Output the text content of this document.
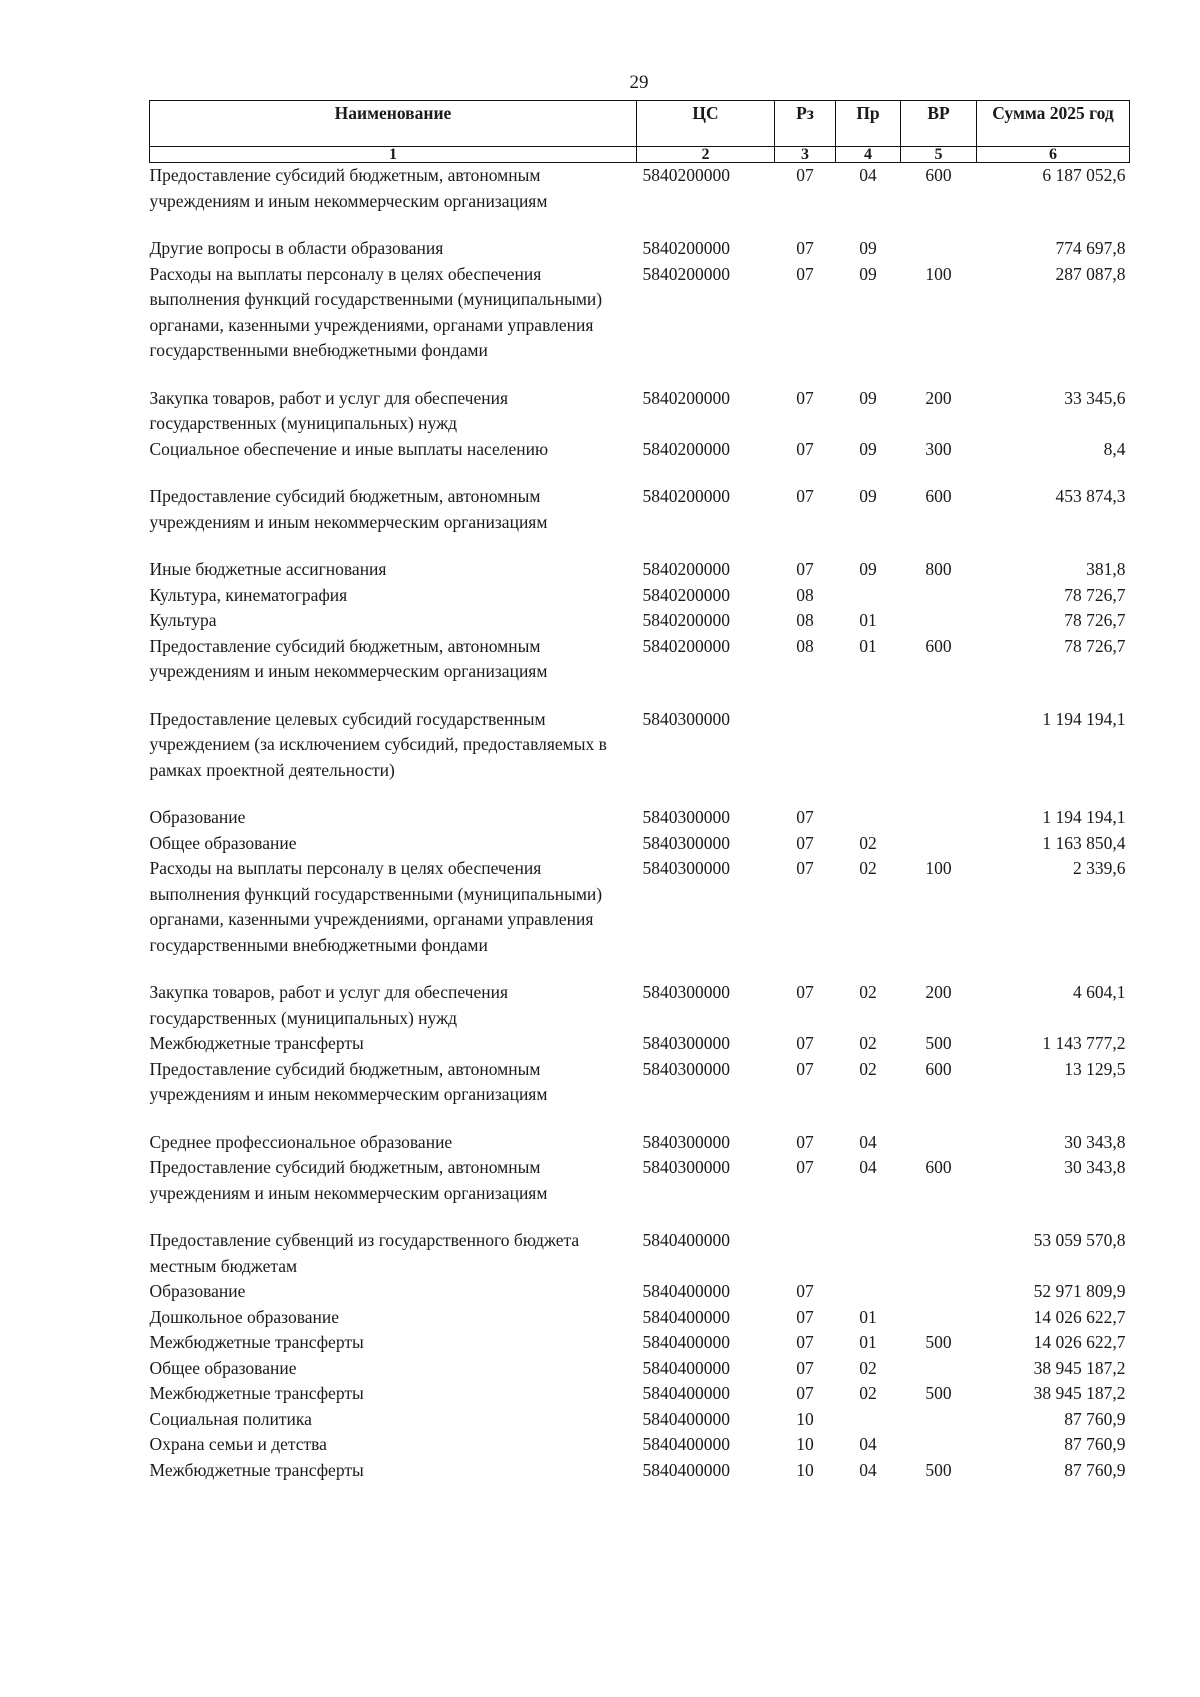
29
Наименование	ЦС	Рз	Пр	ВР	Сумма 2025 год
1	2	3	4	5	6
Предоставление субсидий бюджетным, автономным учреждениям и иным некоммерческим организациям	5840200000	07	04	600	6 187 052,6

Другие вопросы в области образования	5840200000	07	09		774 697,8
Расходы на выплаты персоналу в целях обеспечения выполнения функций государственными (муниципальными) органами, казенными учреждениями, органами управления государственными внебюджетными фондами	5840200000	07	09	100	287 087,8

Закупка товаров, работ и услуг для обеспечения государственных (муниципальных) нужд	5840200000	07	09	200	33 345,6
Социальное обеспечение и иные выплаты населению	5840200000	07	09	300	8,4

Предоставление субсидий бюджетным, автономным учреждениям и иным некоммерческим организациям	5840200000	07	09	600	453 874,3

Иные бюджетные ассигнования	5840200000	07	09	800	381,8
Культура, кинематография	5840200000	08			78 726,7
Культура	5840200000	08	01		78 726,7
Предоставление субсидий бюджетным, автономным учреждениям и иным некоммерческим организациям	5840200000	08	01	600	78 726,7

Предоставление целевых субсидий государственным учреждением (за исключением субсидий, предоставляемых в рамках проектной деятельности)	5840300000				1 194 194,1

Образование	5840300000	07			1 194 194,1
Общее образование	5840300000	07	02		1 163 850,4
Расходы на выплаты персоналу в целях обеспечения выполнения функций государственными (муниципальными) органами, казенными учреждениями, органами управления государственными внебюджетными фондами	5840300000	07	02	100	2 339,6

Закупка товаров, работ и услуг для обеспечения государственных (муниципальных) нужд	5840300000	07	02	200	4 604,1
Межбюджетные трансферты	5840300000	07	02	500	1 143 777,2
Предоставление субсидий бюджетным, автономным учреждениям и иным некоммерческим организациям	5840300000	07	02	600	13 129,5

Среднее профессиональное образование	5840300000	07	04		30 343,8
Предоставление субсидий бюджетным, автономным учреждениям и иным некоммерческим организациям	5840300000	07	04	600	30 343,8

Предоставление субвенций из государственного бюджета местным бюджетам	5840400000				53 059 570,8
Образование	5840400000	07			52 971 809,9
Дошкольное образование	5840400000	07	01		14 026 622,7
Межбюджетные трансферты	5840400000	07	01	500	14 026 622,7
Общее образование	5840400000	07	02		38 945 187,2
Межбюджетные трансферты	5840400000	07	02	500	38 945 187,2
Социальная политика	5840400000	10			87 760,9
Охрана семьи и детства	5840400000	10	04		87 760,9
Межбюджетные трансферты	5840400000	10	04	500	87 760,9
